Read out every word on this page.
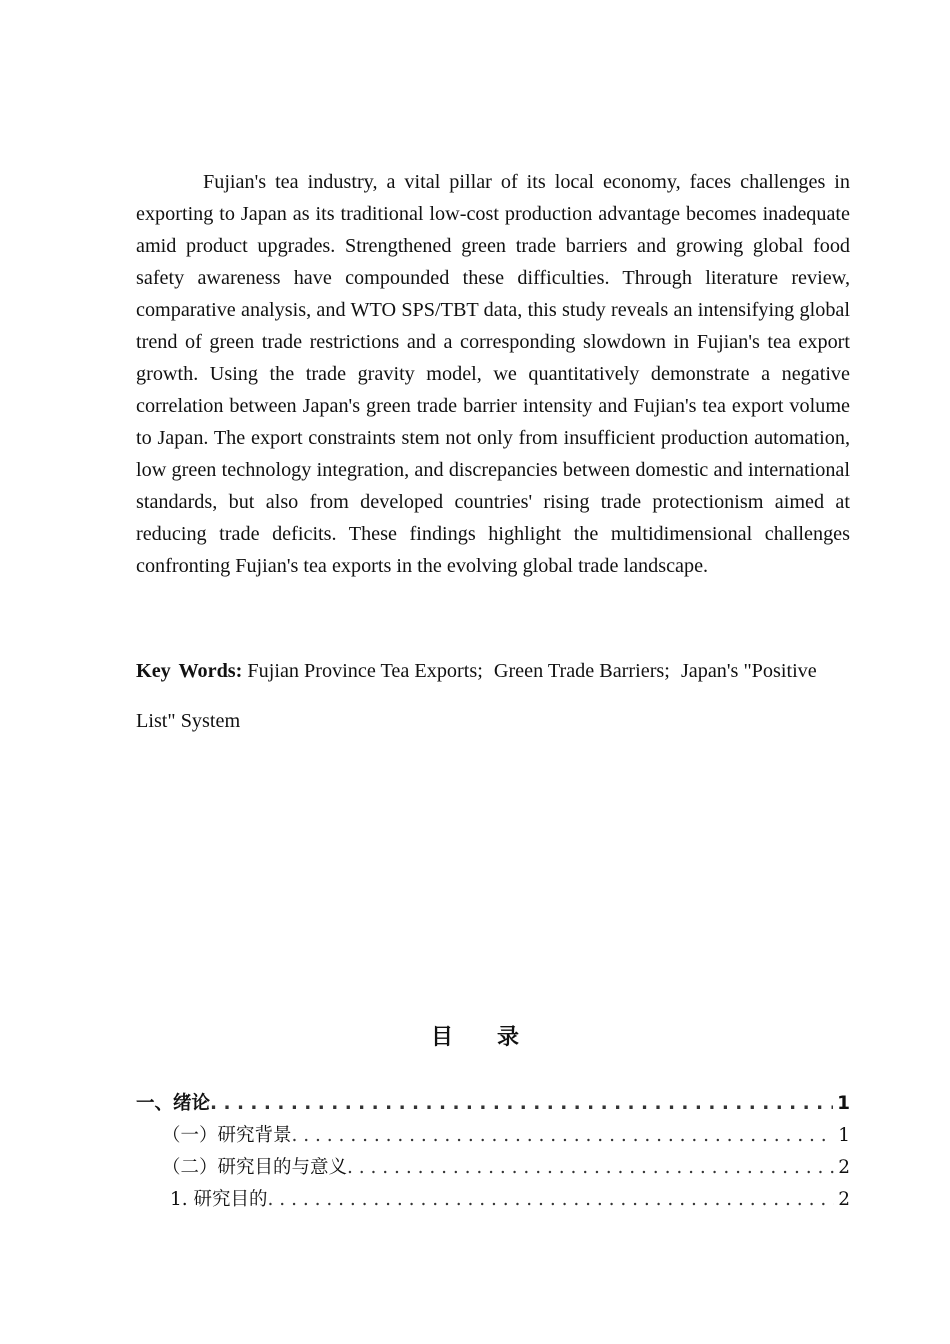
Fujian's tea industry, a vital pillar of its local economy, faces challenges in exporting to Japan as its traditional low-cost production advantage becomes inadequate amid product upgrades. Strengthened green trade barriers and growing global food safety awareness have compounded these difficulties. Through literature review, comparative analysis, and WTO SPS/TBT data, this study reveals an intensifying global trend of green trade restrictions and a corresponding slowdown in Fujian's tea export growth. Using the trade gravity model, we quantitatively demonstrate a negative correlation between Japan's green trade barrier intensity and Fujian's tea export volume to Japan. The export constraints stem not only from insufficient production automation, low green technology integration, and discrepancies between domestic and international standards, but also from developed countries' rising trade protectionism aimed at reducing trade deficits. These findings highlight the multidimensional challenges confronting Fujian's tea exports in the evolving global trade landscape.

Key Words: Fujian Province Tea Exports; Green Trade Barriers; Japan's "Positive List" System

目录
一、绪论 . . .	1
（一）研究背景 . . .	1
（二）研究目的与意义 . . .	2
1. 研究目的 . . .	2
